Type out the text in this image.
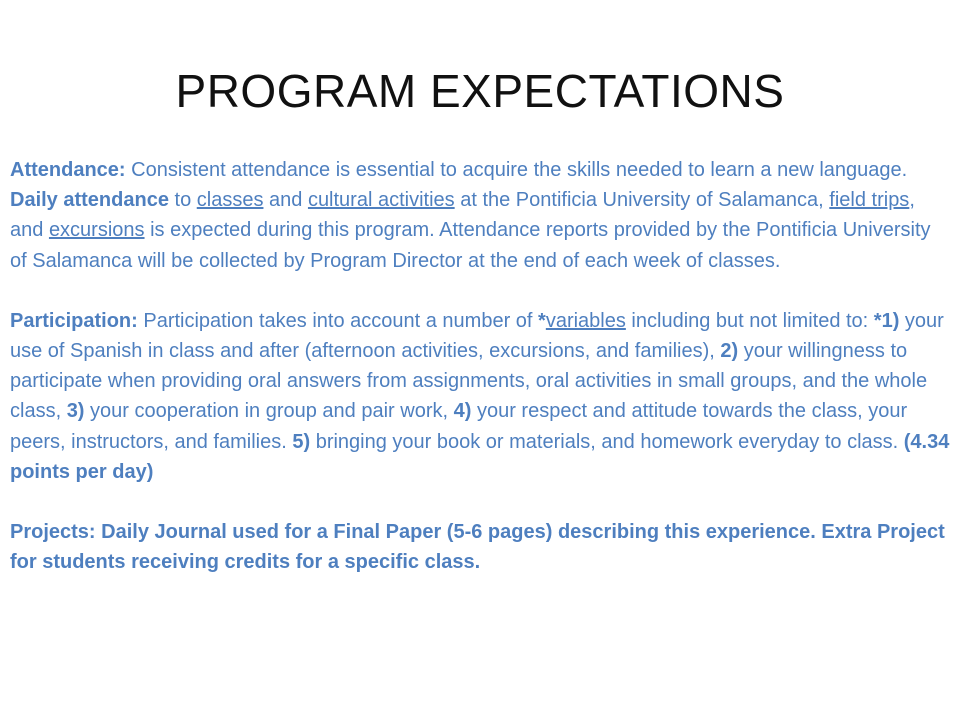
PROGRAM EXPECTATIONS

Attendance: Consistent attendance is essential to acquire the skills needed to learn a new language. Daily attendance to classes and cultural activities at the Pontificia University of Salamanca, field trips, and excursions is expected during this program. Attendance reports provided by the Pontificia University of Salamanca will be collected by Program Director at the end of each week of classes.

Participation: Participation takes into account a number of *variables including but not limited to: *1) your use of Spanish in class and after (afternoon activities, excursions, and families), 2) your willingness to participate when providing oral answers from assignments, oral activities in small groups, and the whole class, 3) your cooperation in group and pair work, 4) your respect and attitude towards the class, your peers, instructors, and families. 5) bringing your book or materials, and homework everyday to class. (4.34 points per day)

Projects: Daily Journal used for a Final Paper (5-6 pages) describing this experience. Extra Project for students receiving credits for a specific class.
